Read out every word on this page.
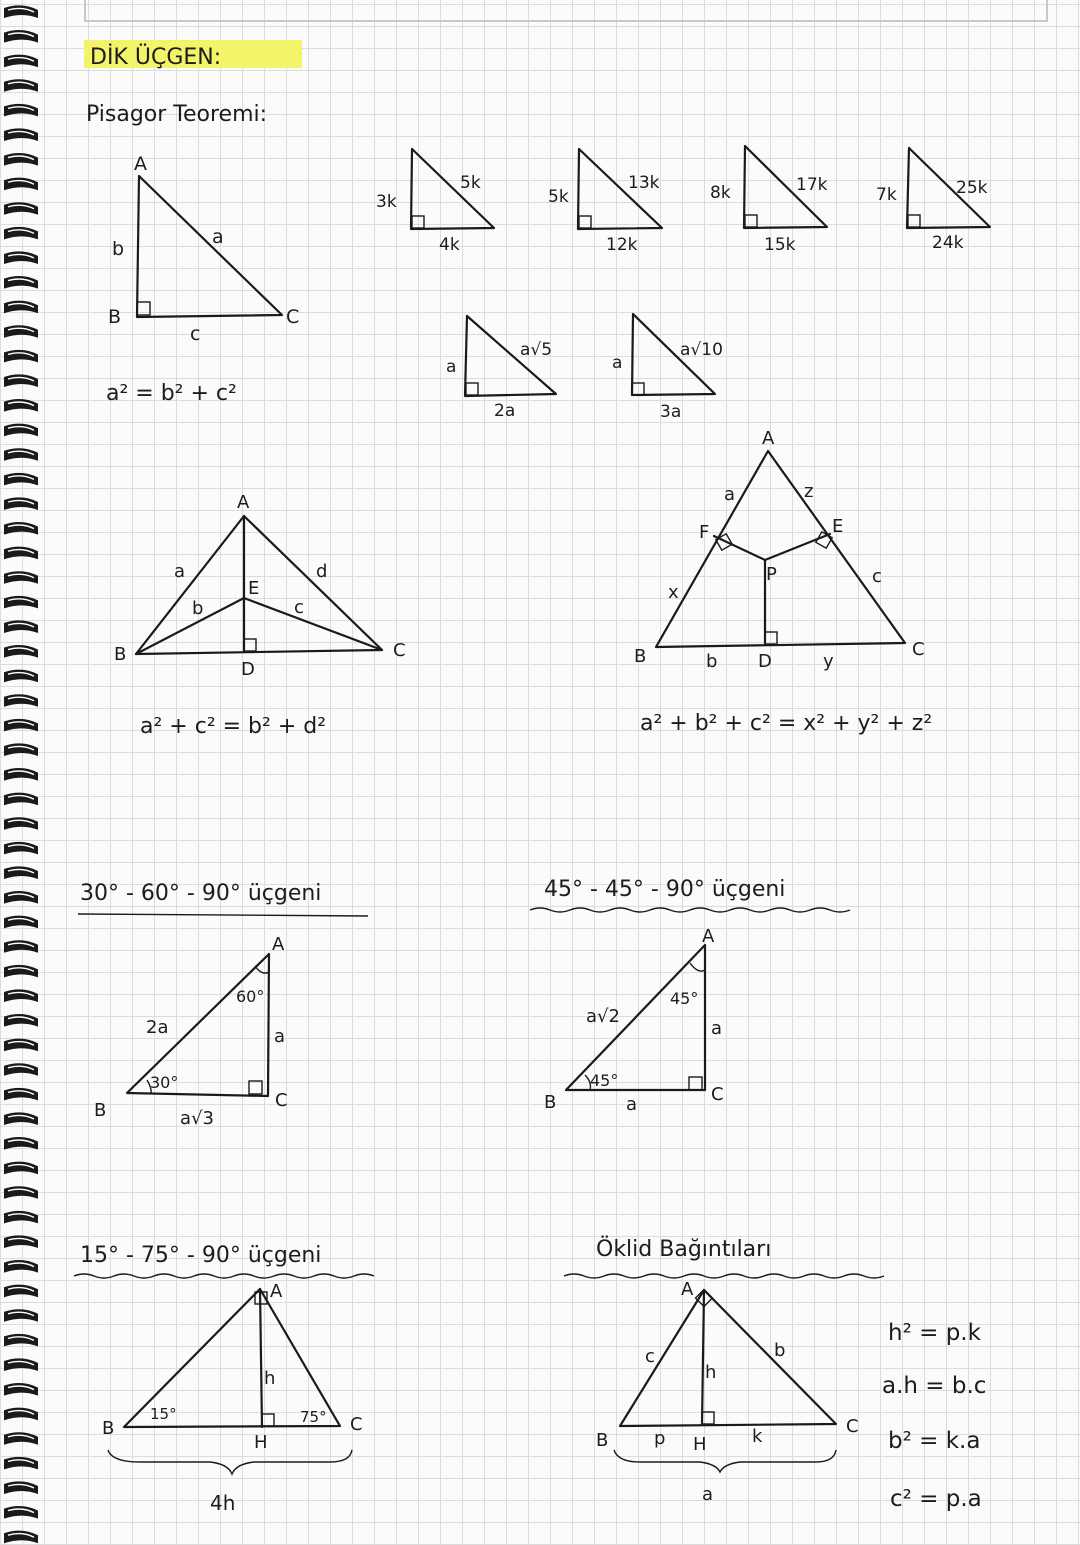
DİK ÜÇGEN:
Pisagor Teoremi:
A
B	C
b
a
c
a² = b² + c²
3k
5k
4k
5k
13k
12k
8k	17k
15k
7k	25k
24k
a
a√5
2a
a
a√10
3a
A
B	C
D
E
a
b	c
d
a² + c² = b² + d²
A
B	C
D
E
F
P
a	z
c
x
b	y
a² + b² + c² = x² + y² + z²
30° - 60° - 90° üçgeni
A
B	C
60°
30°
2a	a
a√3
45° - 45° - 90° üçgeni
A
B	C
45°
45°
a√2
a
a
15° - 75° - 90° üçgeni
A
B	C
H
h
15°	75°
4h
Öklid Bağıntıları
A
B
C
H
h
c	b
p	k
a
h² = p.k
a.h = b.c
b² = k.a
c² = p.a
